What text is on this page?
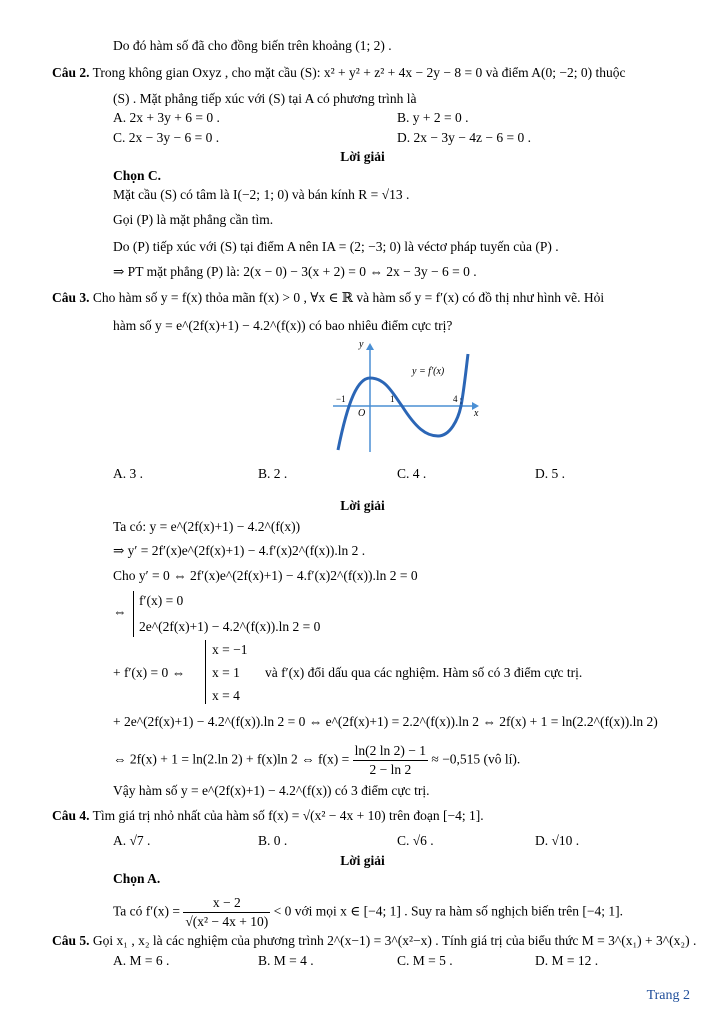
Do đó hàm số đã cho đồng biến trên khoảng (1; 2) .
Câu 2. Trong không gian Oxyz , cho mặt cầu (S): x² + y² + z² + 4x − 2y − 8 = 0 và điểm A(0; −2; 0) thuộc
(S) . Mặt phẳng tiếp xúc với (S) tại A có phương trình là
A. 2x + 3y + 6 = 0 .	B. y + 2 = 0 .
C. 2x − 3y − 6 = 0 .	D. 2x − 3y − 4z − 6 = 0 .
Lời giải
Chọn C.
Mặt cầu (S) có tâm là I(−2; 1; 0) và bán kính R = √13 .
Gọi (P) là mặt phẳng cần tìm.
Do (P) tiếp xúc với (S) tại điểm A nên IA = (2; −3; 0) là véctơ pháp tuyến của (P) .
⇒ PT mặt phẳng (P) là: 2(x − 0) − 3(x + 2) = 0 ⇔ 2x − 3y − 6 = 0 .
Câu 3. Cho hàm số y = f(x) thỏa mãn f(x) > 0 , ∀x ∈ ℝ và hàm số y = f′(x) có đồ thị như hình vẽ. Hỏi
hàm số y = e^(2f(x)+1) − 4.2^(f(x)) có bao nhiêu điểm cực trị?
y
x
O
−1	1	4
y = f′(x)
A. 3 .	B. 2 .	C. 4 .	D. 5 .
Lời giải
Ta có: y = e^(2f(x)+1) − 4.2^(f(x))
⇒ y′ = 2f′(x)e^(2f(x)+1) − 4.f′(x)2^(f(x)).ln 2 .
Cho y′ = 0 ⇔ 2f′(x)e^(2f(x)+1) − 4.f′(x)2^(f(x)).ln 2 = 0
⇔
f′(x) = 0
2e^(2f(x)+1) − 4.2^(f(x)).ln 2 = 0
+ f′(x) = 0 ⇔
x = −1
x = 1
x = 4
và f′(x) đổi dấu qua các nghiệm. Hàm số có 3 điểm cực trị.
+ 2e^(2f(x)+1) − 4.2^(f(x)).ln 2 = 0 ⇔ e^(2f(x)+1) = 2.2^(f(x)).ln 2 ⇔ 2f(x) + 1 = ln(2.2^(f(x)).ln 2)
⇔ 2f(x) + 1 = ln(2.ln 2) + f(x)ln 2 ⇔ $f(x) = \frac{\ln(2 \ln 2) - 1}{2 - \ln 2} \approx -0,515$ (vô lí).
Vậy hàm số y = e^(2f(x)+1) − 4.2^(f(x)) có 3 điểm cực trị.
Câu 4. Tìm giá trị nhỏ nhất của hàm số f(x) = √(x² − 4x + 10) trên đoạn [−4; 1].
A. √7 .	B. 0 .	C. √6 .	D. √10 .
Lời giải
Chọn A.
Ta có $f'(x) = \frac{x - 2}{\text{√(x² − 4x + 10)}} < 0$ với mọi x ∈ [−4; 1] . Suy ra hàm số nghịch biến trên [−4; 1].
Câu 5. Gọi x₁ , x₂ là các nghiệm của phương trình 2^(x−1) = 3^(x²−x) . Tính giá trị của biểu thức M = 3^(x₁) + 3^(x₂) .
A. M = 6 .	B. M = 4 .	C. M = 5 .	D. M = 12 .
Trang 2
